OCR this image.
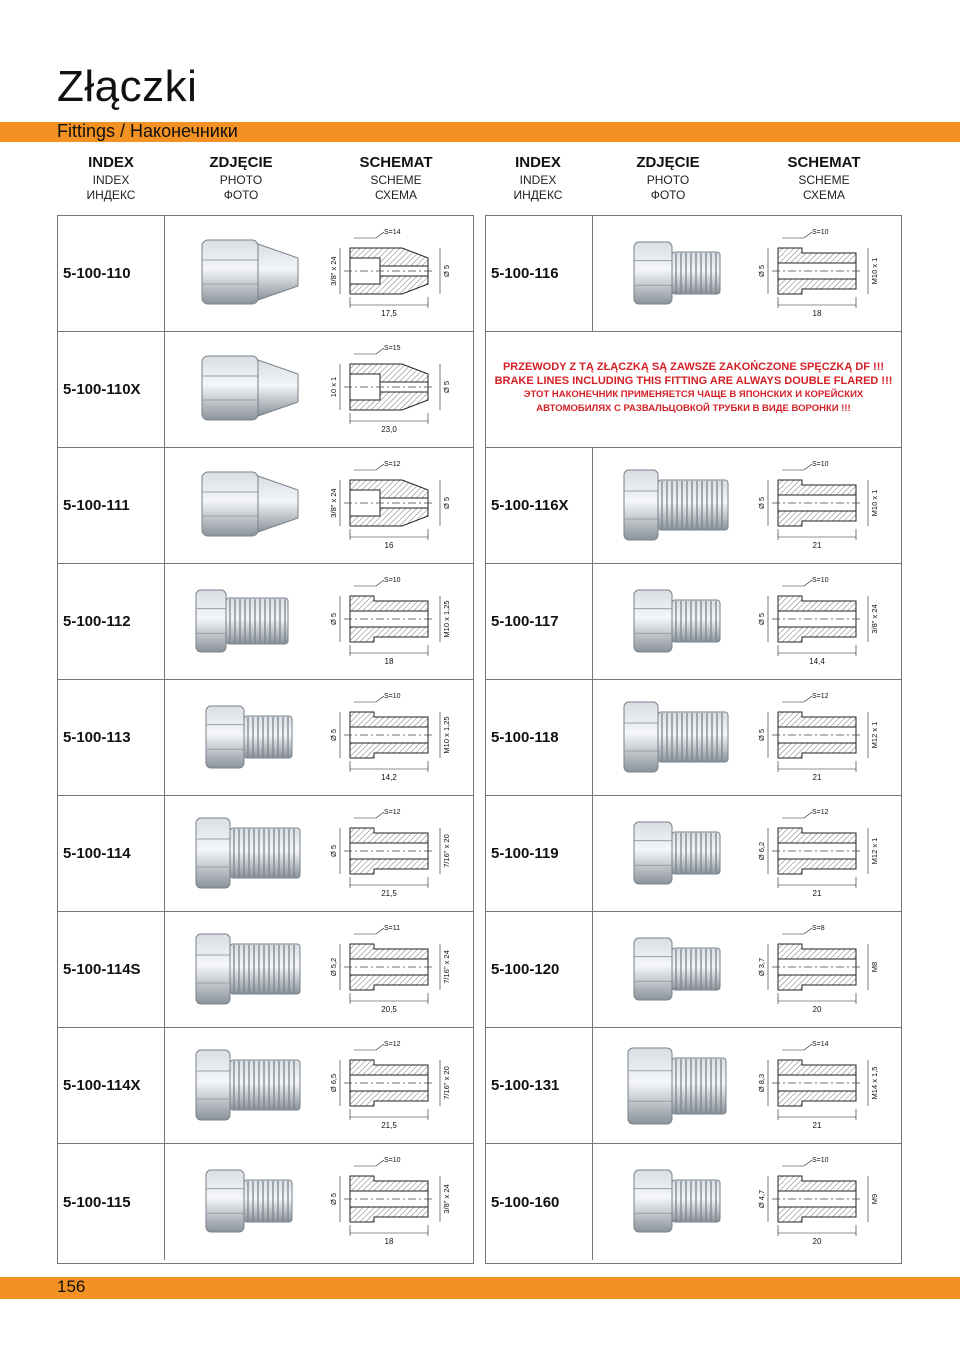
Złączki
Fittings / Наконечники
INDEX
INDEX
ИНДЕКС
ZDJĘCIE
PHOTO
ФОТО
SCHEMAT
SCHEME
СХЕМА
INDEX
INDEX
ИНДЕКС
ZDJĘCIE
PHOTO
ФОТО
SCHEMAT
SCHEME
СХЕМА
5-100-110
S=14
17,5
3/8" x 24	Ø 5
5-100-110X
S=15
23,0
10 x 1	Ø 5
5-100-111
S=12
16
3/8" x 24	Ø 5
5-100-112
S=10
18
Ø 5	M10 x 1,25
5-100-113
S=10
14,2
Ø 5	M10 x 1,25
5-100-114
S=12
21,5
Ø 5	7/16" x 20
5-100-114S
S=11
20,5
Ø 5,2	7/16" x 24
5-100-114X
S=12
21,5
Ø 6,5	7/16" x 20
5-100-115
S=10
18
Ø 5	3/8" x 24
5-100-116
S=10
18
Ø 5	M10 x 1
PRZEWODY Z TĄ ZŁĄCZKĄ SĄ ZAWSZE ZAKOŃCZONE SPĘCZKĄ DF !!!
BRAKE LINES INCLUDING THIS FITTING ARE ALWAYS DOUBLE FLARED !!!
ЭТОТ НАКОНЕЧНИК ПРИМЕНЯЕТСЯ ЧАЩЕ В ЯПОНСКИХ И КОРЕЙСКИХ
АВТОМОБИЛЯХ С РАЗВАЛЬЦОВКОЙ ТРУБКИ В ВИДЕ ВОРОНКИ !!!
5-100-116X
S=10
21
Ø 5	M10 x 1
5-100-117
S=10
14,4
Ø 5	3/8" x 24
5-100-118
S=12
21
Ø 5	M12 x 1
5-100-119
S=12
21
Ø 6,2	M12 x 1
5-100-120
S=8
20
Ø 3,7	M8
5-100-131
S=14
21
Ø 8,3	M14 x 1,5
5-100-160
S=10
20
Ø 4,7	M9
156
